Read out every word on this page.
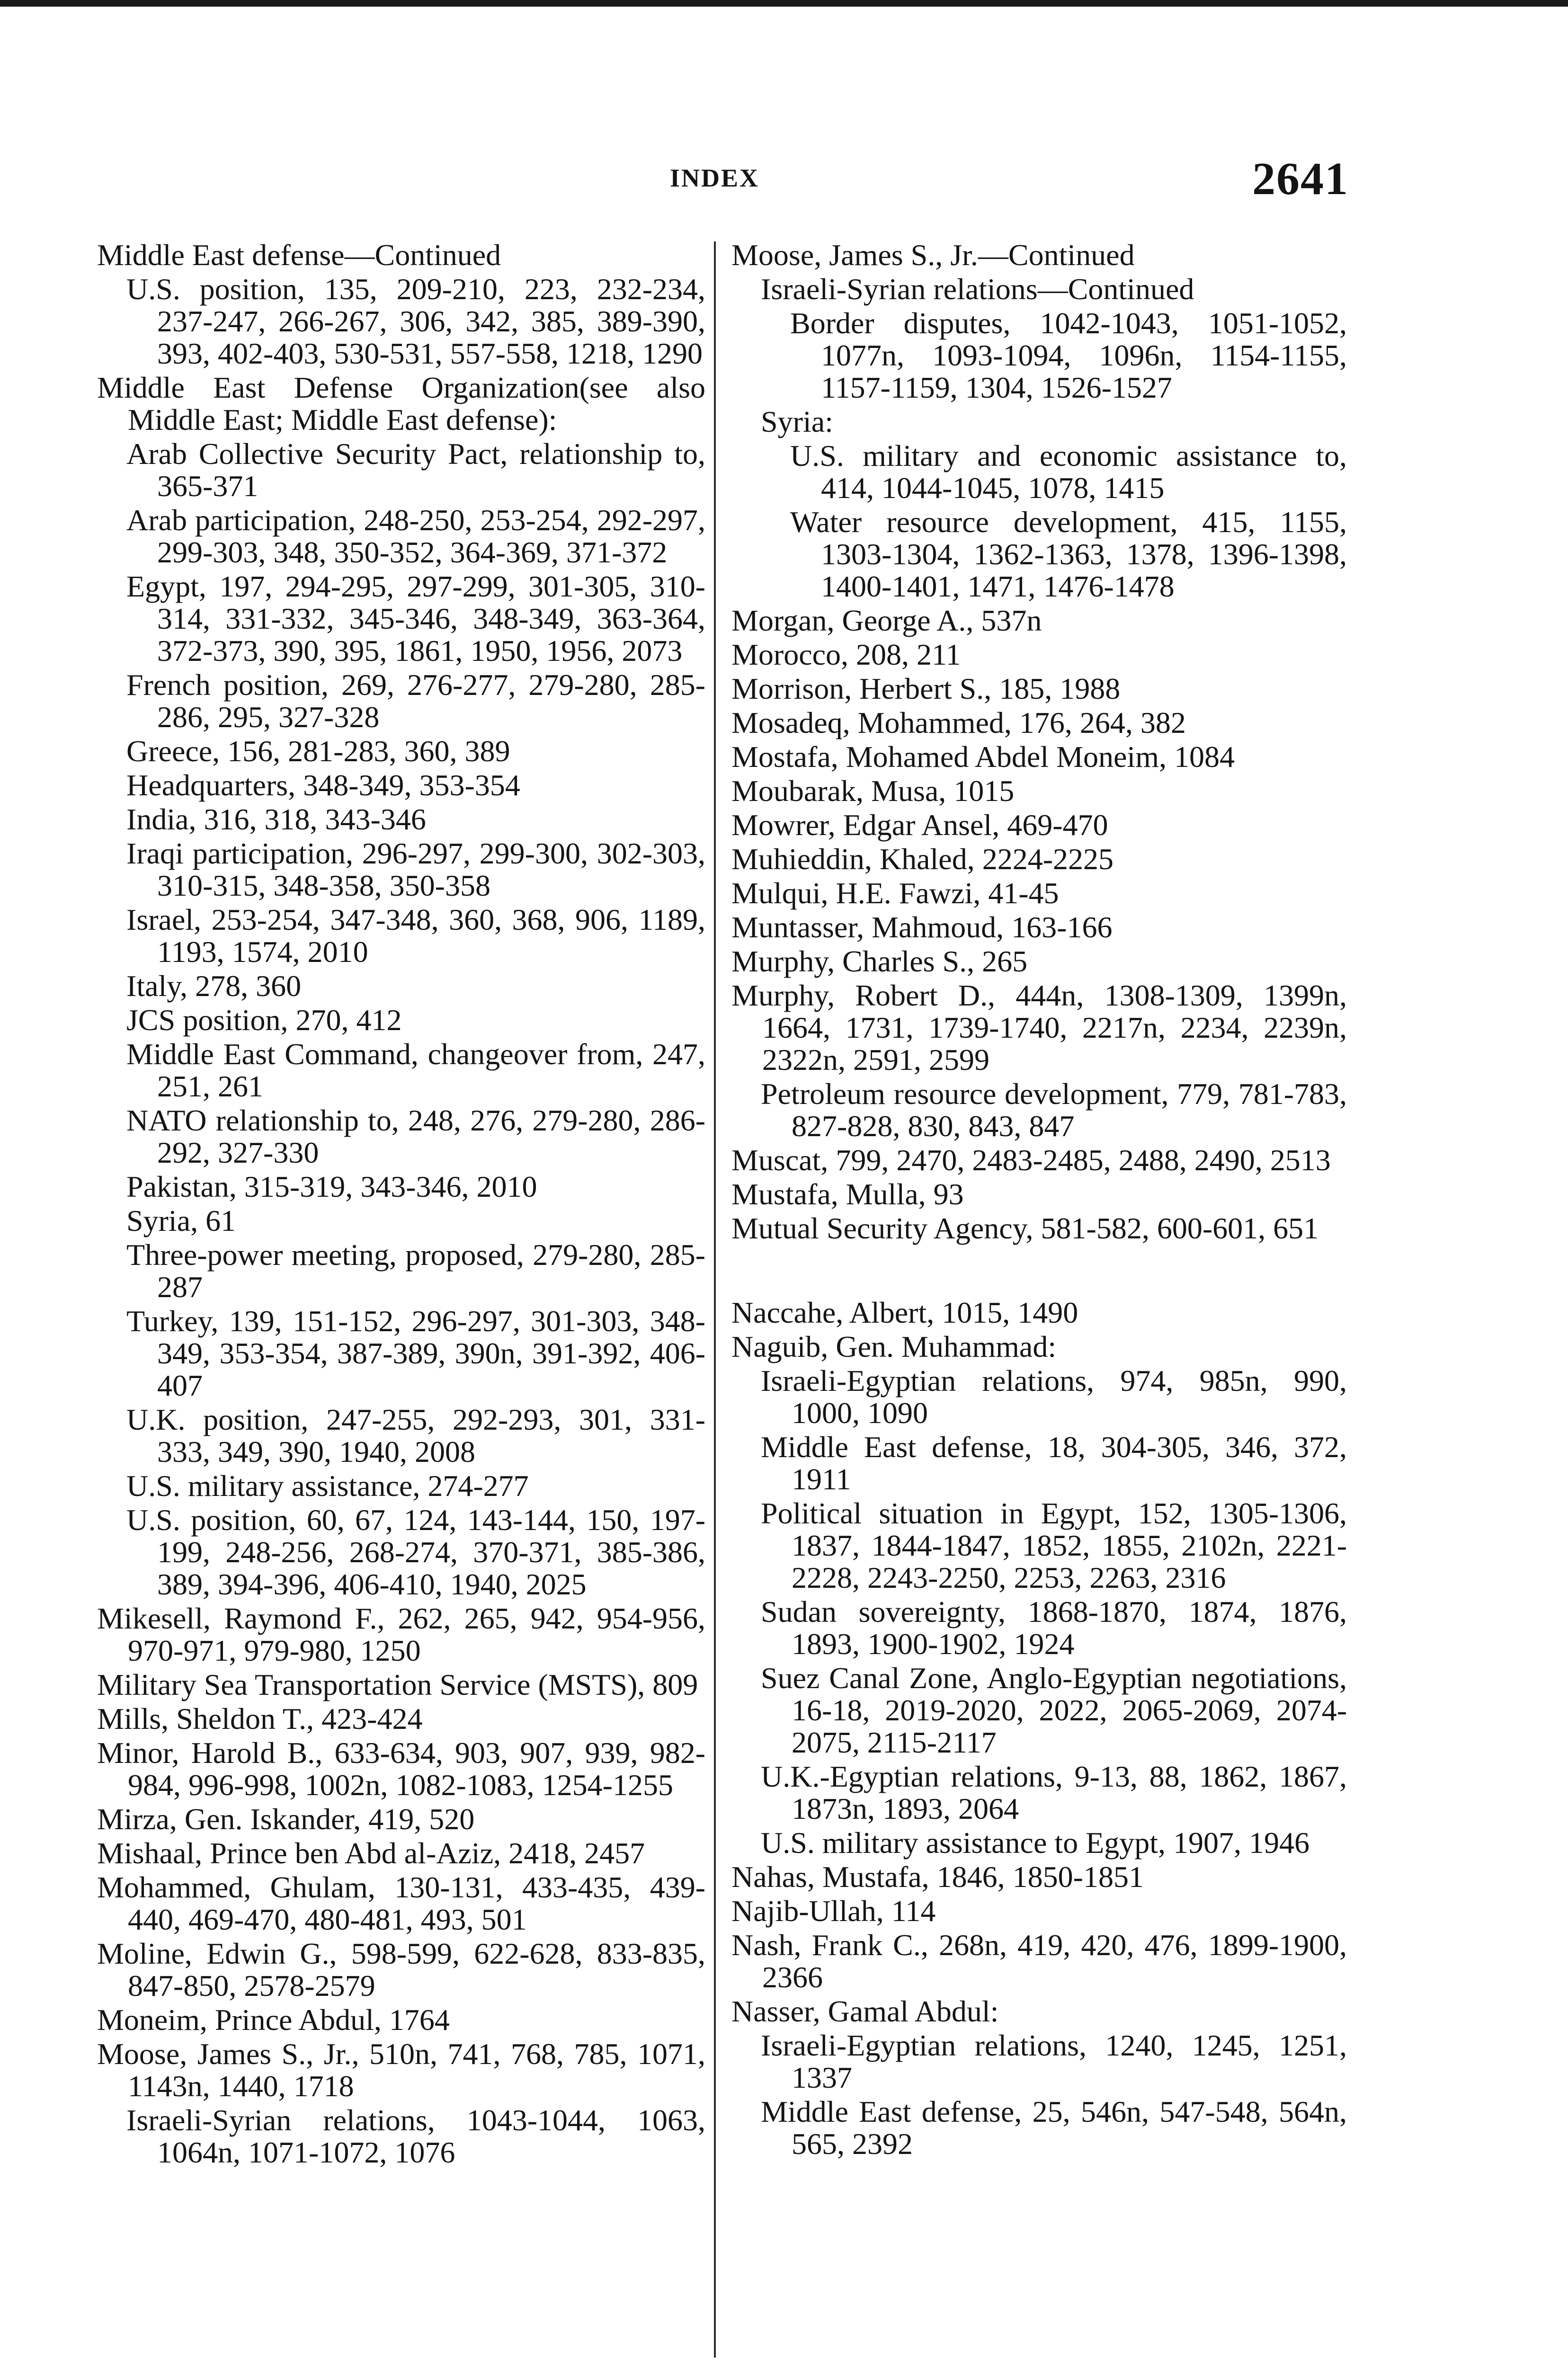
INDEX	2641

Middle East defense—Continued

U.S. position, 135, 209-210, 223, 232-234, 237-247, 266-267, 306, 342, 385, 389-390, 393, 402-403, 530-531, 557-558, 1218, 1290

Middle East Defense Organization(see also Middle East; Middle East defense):

Arab Collective Security Pact, relationship to, 365-371

Arab participation, 248-250, 253-254, 292-297, 299-303, 348, 350-352, 364-369, 371-372

Egypt, 197, 294-295, 297-299, 301-305, 310-314, 331-332, 345-346, 348-349, 363-364, 372-373, 390, 395, 1861, 1950, 1956, 2073

French position, 269, 276-277, 279-280, 285-286, 295, 327-328

Greece, 156, 281-283, 360, 389

Headquarters, 348-349, 353-354

India, 316, 318, 343-346

Iraqi participation, 296-297, 299-300, 302-303, 310-315, 348-358, 350-358

Israel, 253-254, 347-348, 360, 368, 906, 1189, 1193, 1574, 2010

Italy, 278, 360

JCS position, 270, 412

Middle East Command, changeover from, 247, 251, 261

NATO relationship to, 248, 276, 279-280, 286-292, 327-330

Pakistan, 315-319, 343-346, 2010

Syria, 61

Three-power meeting, proposed, 279-280, 285-287

Turkey, 139, 151-152, 296-297, 301-303, 348-349, 353-354, 387-389, 390n, 391-392, 406-407

U.K. position, 247-255, 292-293, 301, 331-333, 349, 390, 1940, 2008

U.S. military assistance, 274-277

U.S. position, 60, 67, 124, 143-144, 150, 197-199, 248-256, 268-274, 370-371, 385-386, 389, 394-396, 406-410, 1940, 2025

Mikesell, Raymond F., 262, 265, 942, 954-956, 970-971, 979-980, 1250

Military Sea Transportation Service (MSTS), 809

Mills, Sheldon T., 423-424

Minor, Harold B., 633-634, 903, 907, 939, 982-984, 996-998, 1002n, 1082-1083, 1254-1255

Mirza, Gen. Iskander, 419, 520

Mishaal, Prince ben Abd al-Aziz, 2418, 2457

Mohammed, Ghulam, 130-131, 433-435, 439-440, 469-470, 480-481, 493, 501

Moline, Edwin G., 598-599, 622-628, 833-835, 847-850, 2578-2579

Moneim, Prince Abdul, 1764

Moose, James S., Jr., 510n, 741, 768, 785, 1071, 1143n, 1440, 1718

Israeli-Syrian relations, 1043-1044, 1063, 1064n, 1071-1072, 1076

Moose, James S., Jr.—Continued

Israeli-Syrian relations—Continued

Border disputes, 1042-1043, 1051-1052, 1077n, 1093-1094, 1096n, 1154-1155, 1157-1159, 1304, 1526-1527

Syria:

U.S. military and economic assistance to, 414, 1044-1045, 1078, 1415

Water resource development, 415, 1155, 1303-1304, 1362-1363, 1378, 1396-1398, 1400-1401, 1471, 1476-1478

Morgan, George A., 537n

Morocco, 208, 211

Morrison, Herbert S., 185, 1988

Mosadeq, Mohammed, 176, 264, 382

Mostafa, Mohamed Abdel Moneim, 1084

Moubarak, Musa, 1015

Mowrer, Edgar Ansel, 469-470

Muhieddin, Khaled, 2224-2225

Mulqui, H.E. Fawzi, 41-45

Muntasser, Mahmoud, 163-166

Murphy, Charles S., 265

Murphy, Robert D., 444n, 1308-1309, 1399n, 1664, 1731, 1739-1740, 2217n, 2234, 2239n, 2322n, 2591, 2599

Petroleum resource development, 779, 781-783, 827-828, 830, 843, 847

Muscat, 799, 2470, 2483-2485, 2488, 2490, 2513

Mustafa, Mulla, 93

Mutual Security Agency, 581-582, 600-601, 651

Naccahe, Albert, 1015, 1490

Naguib, Gen. Muhammad:

Israeli-Egyptian relations, 974, 985n, 990, 1000, 1090

Middle East defense, 18, 304-305, 346, 372, 1911

Political situation in Egypt, 152, 1305-1306, 1837, 1844-1847, 1852, 1855, 2102n, 2221-2228, 2243-2250, 2253, 2263, 2316

Sudan sovereignty, 1868-1870, 1874, 1876, 1893, 1900-1902, 1924

Suez Canal Zone, Anglo-Egyptian negotiations, 16-18, 2019-2020, 2022, 2065-2069, 2074-2075, 2115-2117

U.K.-Egyptian relations, 9-13, 88, 1862, 1867, 1873n, 1893, 2064

U.S. military assistance to Egypt, 1907, 1946

Nahas, Mustafa, 1846, 1850-1851

Najib-Ullah, 114

Nash, Frank C., 268n, 419, 420, 476, 1899-1900, 2366

Nasser, Gamal Abdul:

Israeli-Egyptian relations, 1240, 1245, 1251, 1337

Middle East defense, 25, 546n, 547-548, 564n, 565, 2392
